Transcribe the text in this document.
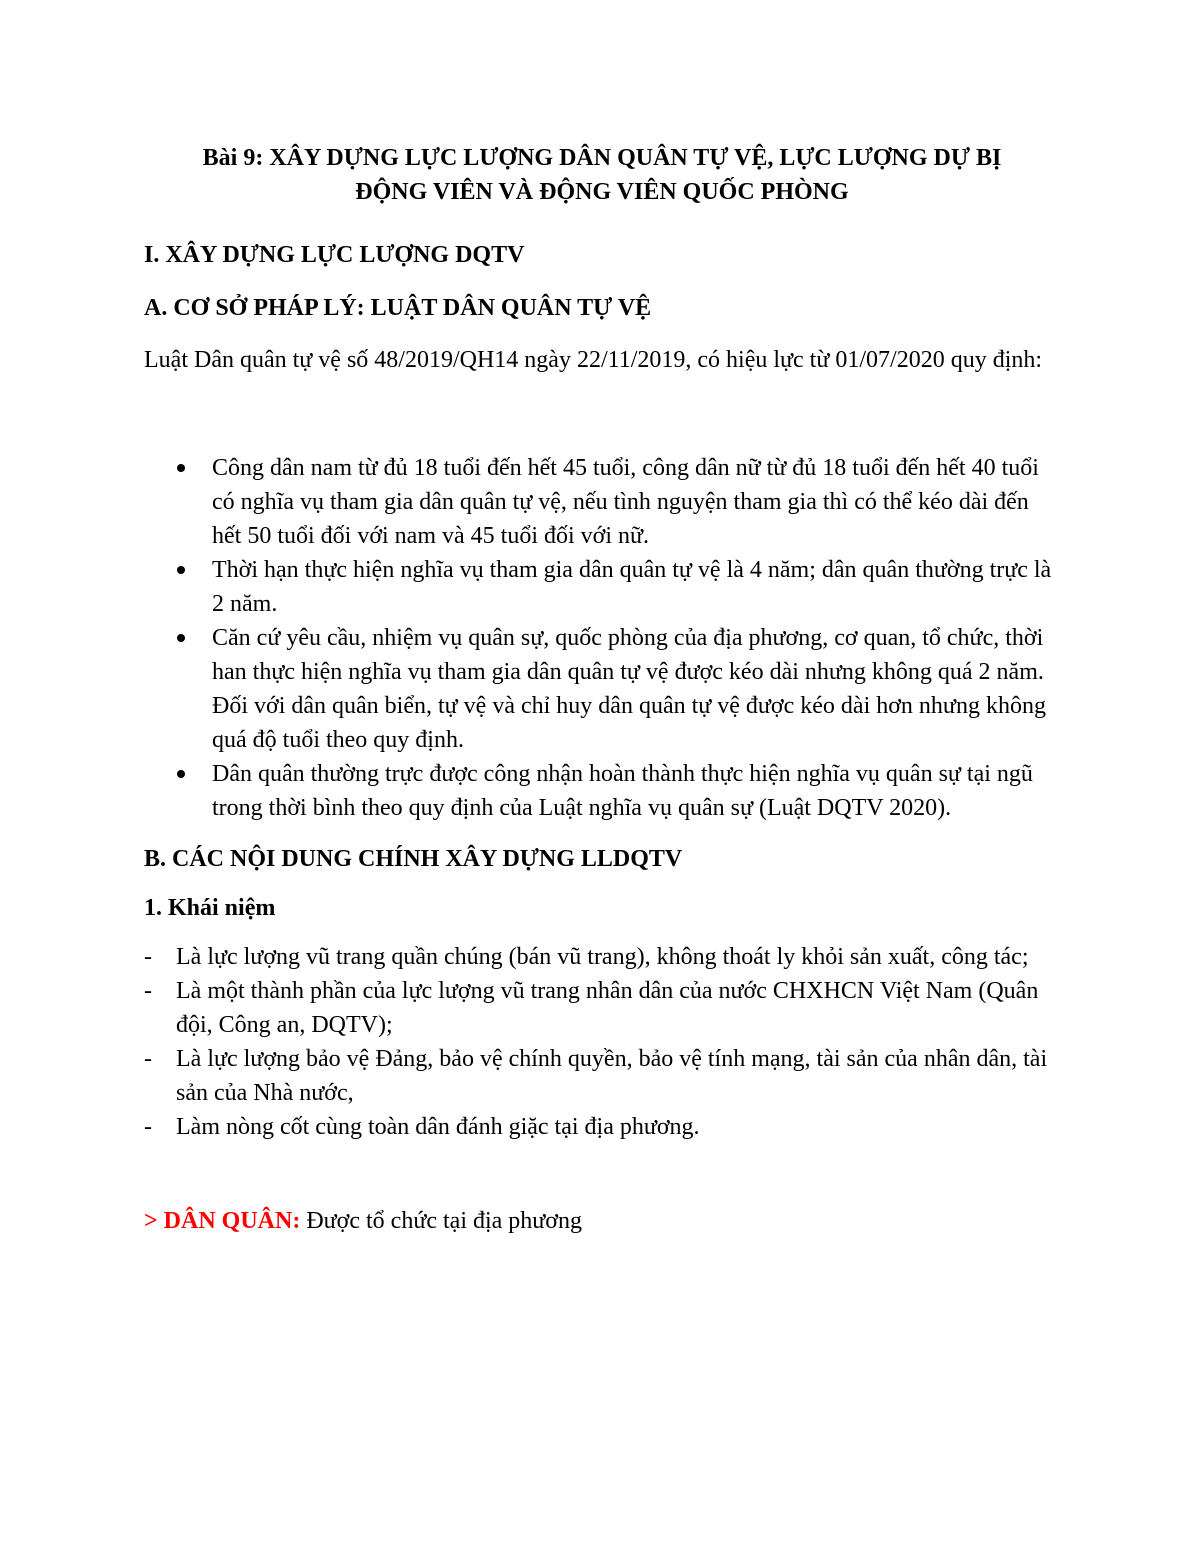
Bài 9: XÂY DỰNG LỰC LƯỢNG DÂN QUÂN TỰ VỆ, LỰC LƯỢNG DỰ BỊ
ĐỘNG VIÊN VÀ ĐỘNG VIÊN QUỐC PHÒNG
I. XÂY DỰNG LỰC LƯỢNG DQTV
A. CƠ SỞ PHÁP LÝ: LUẬT DÂN QUÂN TỰ VỆ
Luật Dân quân tự vệ số 48/2019/QH14 ngày 22/11/2019, có hiệu lực từ 01/07/2020 quy định:
Công dân nam từ đủ 18 tuổi đến hết 45 tuổi, công dân nữ từ đủ 18 tuổi đến hết 40 tuổi có nghĩa vụ tham gia dân quân tự vệ, nếu tình nguyện tham gia thì có thể kéo dài đến hết 50 tuổi đối với nam và 45 tuổi đối với nữ.
Thời hạn thực hiện nghĩa vụ tham gia dân quân tự vệ là 4 năm; dân quân thường trực là 2 năm.
Căn cứ yêu cầu, nhiệm vụ quân sự, quốc phòng của địa phương, cơ quan, tổ chức, thời han thực hiện nghĩa vụ tham gia dân quân tự vệ được kéo dài nhưng không quá 2 năm. Đối với dân quân biển, tự vệ và chỉ huy dân quân tự vệ được kéo dài hơn nhưng không quá độ tuổi theo quy định.
Dân quân thường trực được công nhận hoàn thành thực hiện nghĩa vụ quân sự tại ngũ trong thời bình theo quy định của Luật nghĩa vụ quân sự (Luật DQTV 2020).
B. CÁC NỘI DUNG CHÍNH XÂY DỰNG LLDQTV
1. Khái niệm
- Là lực lượng vũ trang quần chúng (bán vũ trang), không thoát ly khỏi sản xuất, công tác;
- Là một thành phần của lực lượng vũ trang nhân dân của nước CHXHCN Việt Nam (Quân đội, Công an, DQTV);
- Là lực lượng bảo vệ Đảng, bảo vệ chính quyền, bảo vệ tính mạng, tài sản của nhân dân, tài sản của Nhà nước,
- Làm nòng cốt cùng toàn dân đánh giặc tại địa phương.
> DÂN QUÂN: Được tổ chức tại địa phương
